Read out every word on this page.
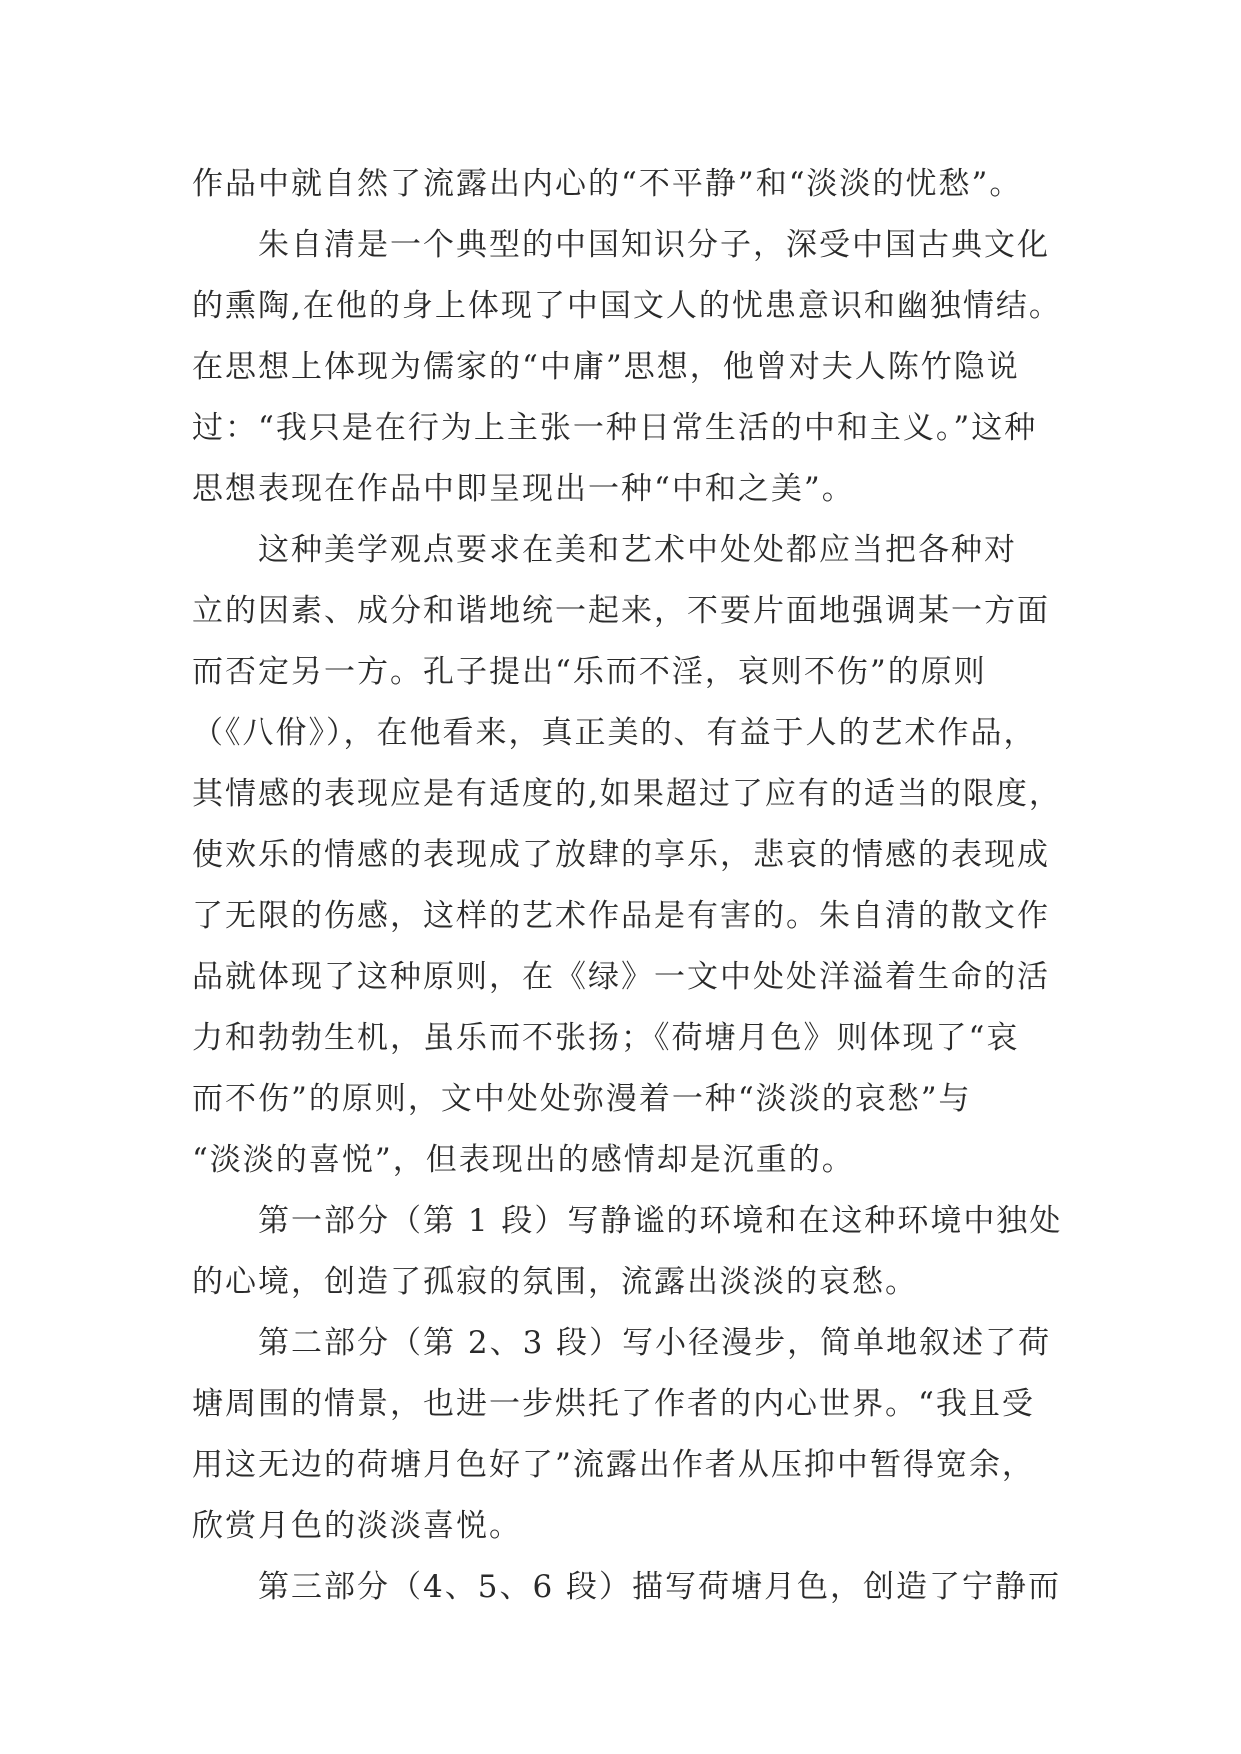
作品中就自然了流露出内心的“不平静”和“淡淡的忧愁”。
　　朱自清是一个典型的中国知识分子，深受中国古典文化
的熏陶,在他的身上体现了中国文人的忧患意识和幽独情结。
在思想上体现为儒家的“中庸”思想，他曾对夫人陈竹隐说
过：“我只是在行为上主张一种日常生活的中和主义。”这种
思想表现在作品中即呈现出一种“中和之美”。
　　这种美学观点要求在美和艺术中处处都应当把各种对
立的因素、成分和谐地统一起来，不要片面地强调某一方面
而否定另一方。孔子提出“乐而不淫，哀则不伤”的原则
（《八佾》），在他看来，真正美的、有益于人的艺术作品，
其情感的表现应是有适度的,如果超过了应有的适当的限度，
使欢乐的情感的表现成了放肆的享乐，悲哀的情感的表现成
了无限的伤感，这样的艺术作品是有害的。朱自清的散文作
品就体现了这种原则，在《绿》一文中处处洋溢着生命的活
力和勃勃生机，虽乐而不张扬；《荷塘月色》则体现了“哀
而不伤”的原则，文中处处弥漫着一种“淡淡的哀愁”与
“淡淡的喜悦”，但表现出的感情却是沉重的。
　　第一部分（第 1 段）写静谧的环境和在这种环境中独处
的心境，创造了孤寂的氛围，流露出淡淡的哀愁。
　　第二部分（第 2、3 段）写小径漫步，简单地叙述了荷
塘周围的情景，也进一步烘托了作者的内心世界。“我且受
用这无边的荷塘月色好了”流露出作者从压抑中暂得宽余，
欣赏月色的淡淡喜悦。
　　第三部分（4、5、6 段）描写荷塘月色，创造了宁静而
